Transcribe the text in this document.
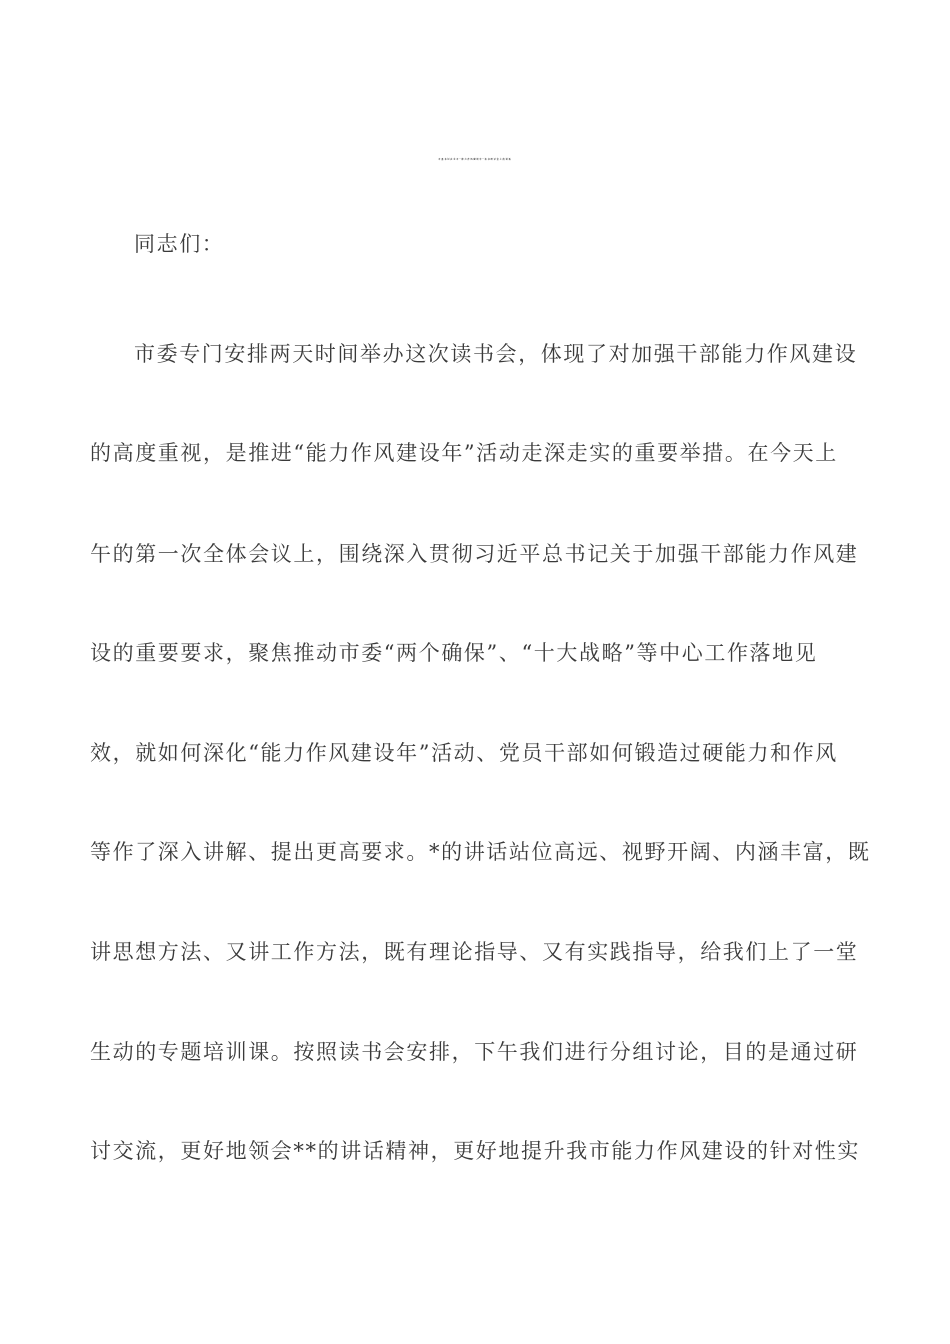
市委书记在全市“能力作风建设年”读书研讨会上的讲话

同志们：

市委专门安排两天时间举办这次读书会，体现了对加强干部能力作风建设

的高度重视，是推进“能力作风建设年”活动走深走实的重要举措。在今天上

午的第一次全体会议上，围绕深入贯彻习近平总书记关于加强干部能力作风建

设的重要要求，聚焦推动市委“两个确保”、“十大战略”等中心工作落地见

效，就如何深化“能力作风建设年”活动、党员干部如何锻造过硬能力和作风

等作了深入讲解、提出更高要求。*的讲话站位高远、视野开阔、内涵丰富，既

讲思想方法、又讲工作方法，既有理论指导、又有实践指导，给我们上了一堂

生动的专题培训课。按照读书会安排，下午我们进行分组讨论，目的是通过研

讨交流，更好地领会**的讲话精神，更好地提升我市能力作风建设的针对性实
